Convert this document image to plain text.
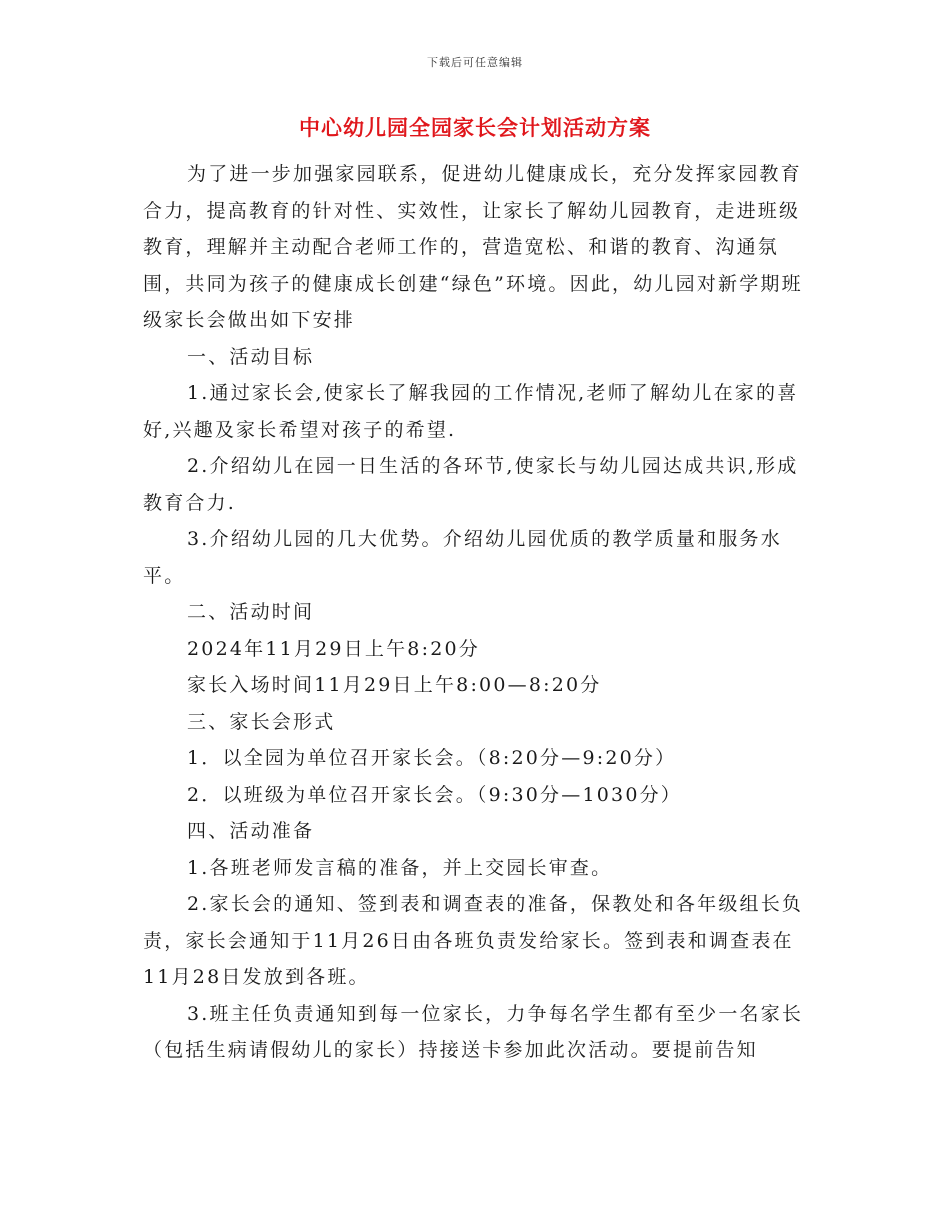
下载后可任意编辑
中心幼儿园全园家长会计划活动方案

为了进一步加强家园联系，促进幼儿健康成长，充分发挥家园教育合力，提高教育的针对性、实效性，让家长了解幼儿园教育，走进班级教育，理解并主动配合老师工作的，营造宽松、和谐的教育、沟通氛围，共同为孩子的健康成长创建“绿色”环境。因此，幼儿园对新学期班级家长会做出如下安排

一、活动目标

1.通过家长会,使家长了解我园的工作情况,老师了解幼儿在家的喜好,兴趣及家长希望对孩子的希望.

2.介绍幼儿在园一日生活的各环节,使家长与幼儿园达成共识,形成教育合力.

3.介绍幼儿园的几大优势。介绍幼儿园优质的教学质量和服务水平。

二、活动时间

2024年11月29日上午8:20分

家长入场时间11月29日上午8:00—8:20分

三、家长会形式

1．以全园为单位召开家长会。（8:20分—9:20分）

2．以班级为单位召开家长会。（9:30分—1030分）

四、活动准备

1.各班老师发言稿的准备，并上交园长审查。

2.家长会的通知、签到表和调查表的准备，保教处和各年级组长负责，家长会通知于11月26日由各班负责发给家长。签到表和调查表在11月28日发放到各班。

3.班主任负责通知到每一位家长，力争每名学生都有至少一名家长（包括生病请假幼儿的家长）持接送卡参加此次活动。要提前告知
